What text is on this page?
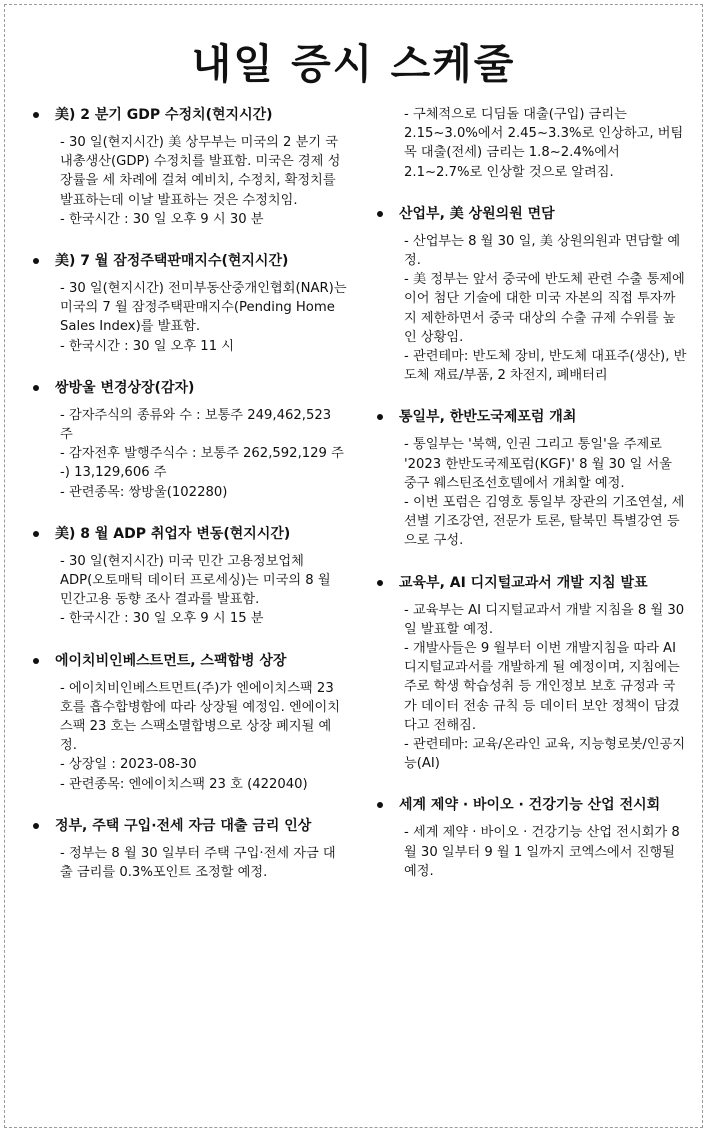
내일 증시 스케줄
美) 2 분기 GDP 수정치(현지시간)
- 30 일(현지시간) 美 상무부는 미국의 2 분기 국내총생산(GDP) 수정치를 발표함. 미국은 경제 성장률을 세 차례에 걸쳐 예비치, 수정치, 확정치를 발표하는데 이날 발표하는 것은 수정치임.
- 한국시간 : 30 일 오후 9 시 30 분
美) 7 월 잠정주택판매지수(현지시간)
- 30 일(현지시간) 전미부동산중개인협회(NAR)는 미국의 7 월 잠정주택판매지수(Pending Home Sales Index)를 발표함.
- 한국시간 : 30 일 오후 11 시
쌍방울 변경상장(감자)
- 감자주식의 종류와 수 : 보통주 249,462,523 주
- 감자전후 발행주식수 : 보통주 262,592,129 주 -) 13,129,606 주
- 관련종목: 쌍방울(102280)
美) 8 월 ADP 취업자 변동(현지시간)
- 30 일(현지시간) 미국 민간 고용정보업체 ADP(오토매틱 데이터 프로세싱)는 미국의 8 월 민간고용 동향 조사 결과를 발표함.
- 한국시간 : 30 일 오후 9 시 15 분
에이치비인베스트먼트, 스팩합병 상장
- 에이치비인베스트먼트(주)가 엔에이치스팩 23 호를 흡수합병함에 따라 상장될 예정임. 엔에이치스팩 23 호는 스팩소멸합병으로 상장 폐지될 예정.
- 상장일 : 2023-08-30
- 관련종목: 엔에이치스팩 23 호 (422040)
정부, 주택 구입·전세 자금 대출 금리 인상
- 정부는 8 월 30 일부터 주택 구입·전세 자금 대출 금리를 0.3%포인트 조정할 예정.
- 구체적으로 디딤돌 대출(구입) 금리는 2.15~3.0%에서 2.45~3.3%로 인상하고, 버팀목 대출(전세) 금리는 1.8~2.4%에서 2.1~2.7%로 인상할 것으로 알려짐.
산업부, 美 상원의원 면담
- 산업부는 8 월 30 일, 美 상원의원과 면담할 예정.
- 美 정부는 앞서 중국에 반도체 관련 수출 통제에 이어 첨단 기술에 대한 미국 자본의 직접 투자까지 제한하면서 중국 대상의 수출 규제 수위를 높인 상황임.
- 관련테마: 반도체 장비, 반도체 대표주(생산), 반도체 재료/부품, 2 차전지, 폐배터리
통일부, 한반도국제포럼 개최
- 통일부는 '북핵, 인권 그리고 통일'을 주제로 '2023 한반도국제포럼(KGF)' 8 월 30 일 서울 중구 웨스틴조선호텔에서 개최할 예정.
- 이번 포럼은 김영호 통일부 장관의 기조연설, 세션별 기조강연, 전문가 토론, 탈북민 특별강연 등으로 구성.
교육부, AI 디지털교과서 개발 지침 발표
- 교육부는 AI 디지털교과서 개발 지침을 8 월 30 일 발표할 예정.
- 개발사들은 9 월부터 이번 개발지침을 따라 AI 디지털교과서를 개발하게 될 예정이며, 지침에는 주로 학생 학습성취 등 개인정보 보호 규정과 국가 데이터 전송 규칙 등 데이터 보안 정책이 담겼다고 전해짐.
- 관련테마: 교육/온라인 교육, 지능형로봇/인공지능(AI)
세계 제약 · 바이오 · 건강기능 산업 전시회
- 세계 제약 · 바이오 · 건강기능 산업 전시회가 8 월 30 일부터 9 월 1 일까지 코엑스에서 진행될 예정.
